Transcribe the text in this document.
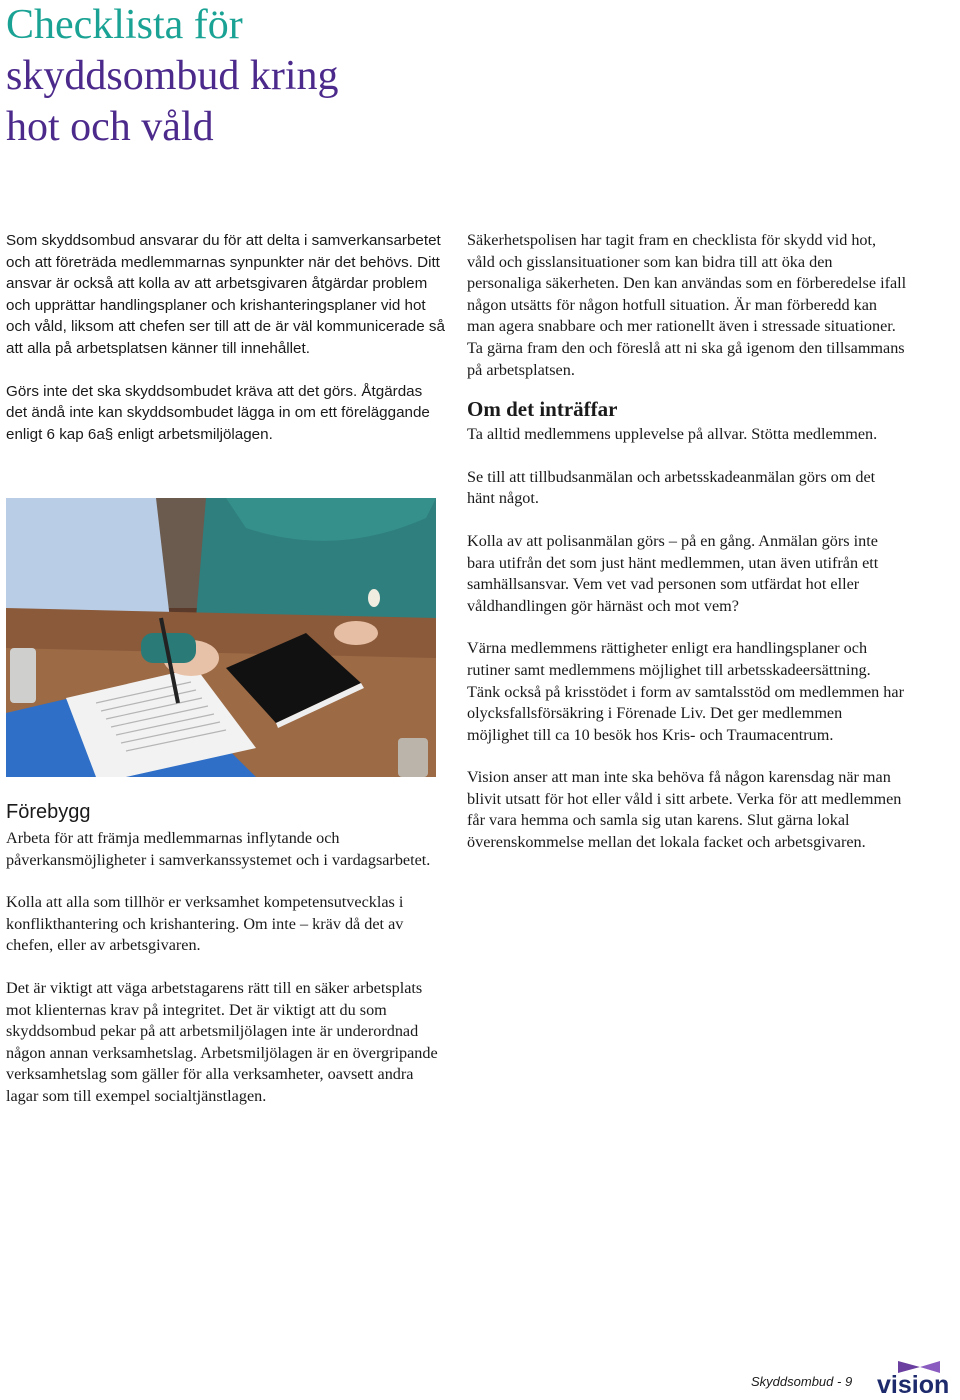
Checklista för
skyddsombud kring
hot och våld

Som skyddsombud ansvarar du för att delta i samverkansarbetet och att företräda medlemmarnas synpunkter när det behövs. Ditt ansvar är också att kolla av att arbetsgivaren åtgärdar problem och upprättar handlingsplaner och krishanteringsplaner vid hot och våld, liksom att chefen ser till att de är väl kommunicerade så att alla på arbetsplatsen känner till innehållet.

Görs inte det ska skyddsombudet kräva att det görs. Åtgärdas det ändå inte kan skyddsombudet lägga in om ett föreläggande enligt 6 kap 6a§ enligt arbetsmiljölagen.

Förebygg

Arbeta för att främja medlemmarnas inflytande och påverkansmöjligheter i samverkanssystemet och i vardagsarbetet.

Kolla att alla som tillhör er verksamhet kompetensutvecklas i konflikthantering och krishantering. Om inte – kräv då det av chefen, eller av arbetsgivaren.

Det är viktigt att väga arbetstagarens rätt till en säker arbetsplats mot klienternas krav på integritet. Det är viktigt att du som skyddsombud pekar på att arbetsmiljölagen inte är underordnad någon annan verksamhetslag. Arbetsmiljölagen är en övergripande verksamhetslag som gäller för alla verksamheter, oavsett andra lagar som till exempel socialtjänstlagen.

Säkerhetspolisen har tagit fram en checklista för skydd vid hot, våld och gisslansituationer som kan bidra till att öka den personaliga säkerheten. Den kan användas som en förberedelse ifall någon utsätts för någon hotfull situation. Är man förberedd kan man agera snabbare och mer rationellt även i stressade situationer. Ta gärna fram den och föreslå att ni ska gå igenom den tillsammans på arbetsplatsen.

Om det inträffar

Ta alltid medlemmens upplevelse på allvar. Stötta medlemmen.

Se till att tillbudsanmälan och arbetsskadeanmälan görs om det hänt något.

Kolla av att polisanmälan görs – på en gång. Anmälan görs inte bara utifrån det som just hänt medlemmen, utan även utifrån ett samhällsansvar. Vem vet vad personen som utfärdat hot eller våldhandlingen gör härnäst och mot vem?

Värna medlemmens rättigheter enligt era handlingsplaner och rutiner samt medlemmens möjlighet till arbetsskadeersättning. Tänk också på krisstödet i form av samtalsstöd om medlemmen har olycksfallsförsäkring i Förenade Liv. Det ger medlemmen möjlighet till ca 10 besök hos Kris- och Traumacentrum.

Vision anser att man inte ska behöva få någon karensdag när man blivit utsatt för hot eller våld i sitt arbete. Verka för att medlemmen får vara hemma och samla sig utan karens. Slut gärna lokal överenskommelse mellan det lokala facket och arbetsgivaren.

Skyddsombud - 9 vision
